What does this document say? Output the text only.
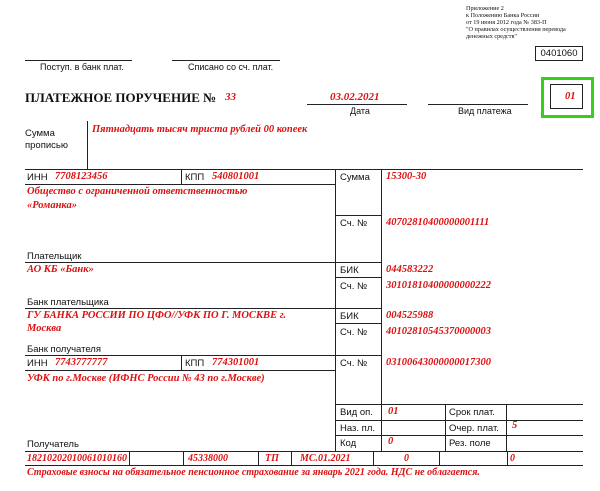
Приложение 2
к Положению Банка России
от 19 июня 2012 года № 383-П
"О правилах осуществления перевода
денежных средств"
0401060
Поступ. в банк плат.	Списано со сч. плат.
ПЛАТЕЖНОЕ ПОРУЧЕНИЕ № 33	03.02.2021
Дата	Вид платежа
01
Сумма
прописью
Пятнадцать тысяч триста рублей 00 копеек
ИНН 7708123456	КПП 540801001	Сумма 15300-30
Общество с ограниченной ответственностью
«Романка»
Сч. № 40702810400000001111
Плательщик
АО КБ «Банк»	БИК	044583222
Сч. № 30101810400000000222
Банк плательщика
ГУ БАНКА РОССИИ ПО ЦФО//УФК ПО Г. МОСКВЕ г.
Москва
БИК	004525988
Сч. № 40102810545370000003
Банк получателя
ИНН 7743777777	КПП 774301001	Сч. № 03100643000000017300
УФК по г.Москве (ИФНС России № 43 по г.Москве)
Получатель
Вид оп. 01	Срок плат.
Наз. пл.	Очер. плат. 5
Код	0	Рез. поле
18210202010061010160	45338000	ТП МС.01.2021	0	0
Страховые взносы на обязательное пенсионное страхование за январь 2021 года. НДС не облагается.
